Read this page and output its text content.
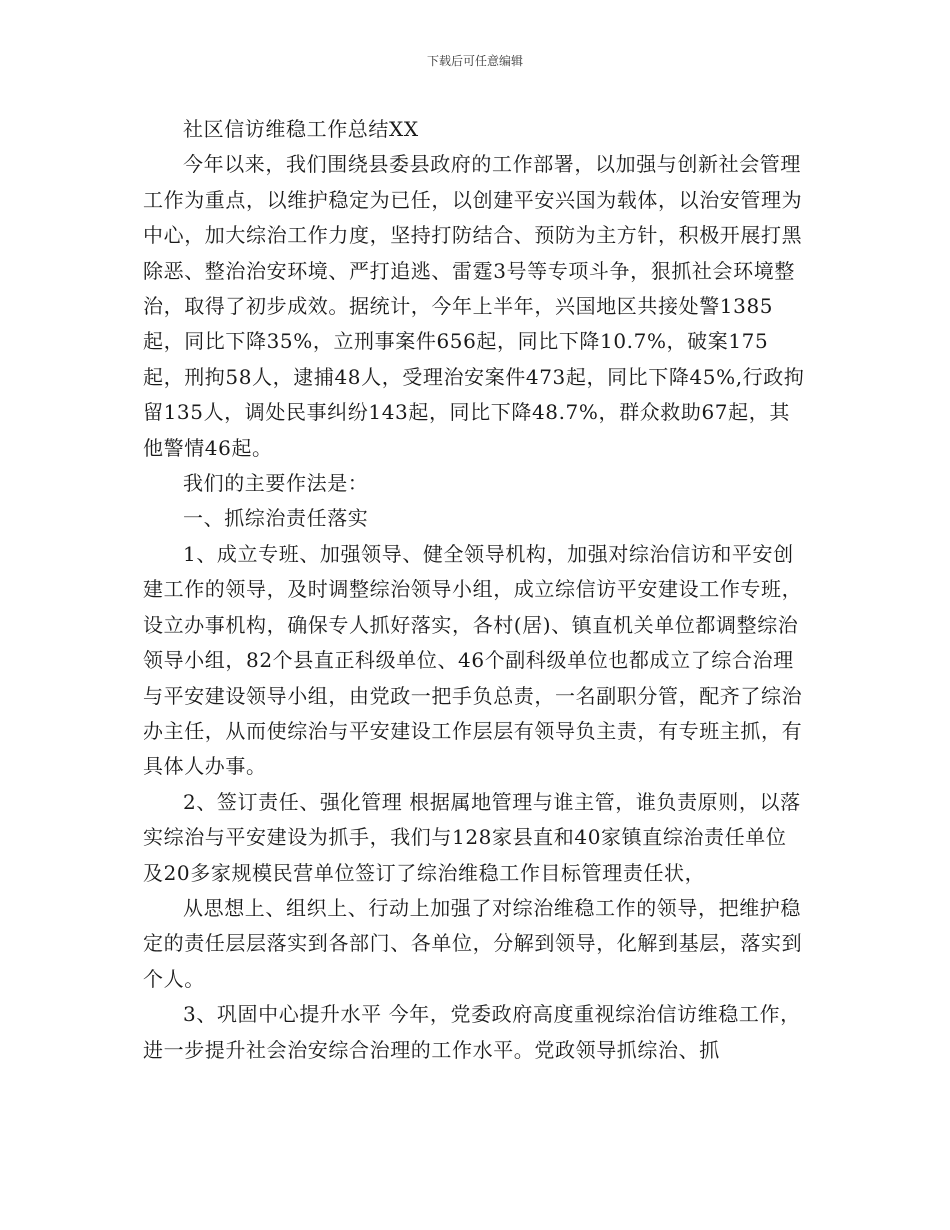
下载后可任意编辑

社区信访维稳工作总结XX

今年以来，我们围绕县委县政府的工作部署，以加强与创新社会管理工作为重点，以维护稳定为已任，以创建平安兴国为载体，以治安管理为中心，加大综治工作力度，坚持打防结合、预防为主方针，积极开展打黑除恶、整治治安环境、严打追逃、雷霆3号等专项斗争，狠抓社会环境整治，取得了初步成效。据统计，今年上半年，兴国地区共接处警1385起，同比下降35%，立刑事案件656起，同比下降10.7%，破案175起，刑拘58人，逮捕48人，受理治安案件473起，同比下降45%,行政拘留135人，调处民事纠纷143起，同比下降48.7%，群众救助67起，其他警情46起。

我们的主要作法是：

一、抓综治责任落实

1、成立专班、加强领导、健全领导机构，加强对综治信访和平安创建工作的领导，及时调整综治领导小组，成立综信访平安建设工作专班，设立办事机构，确保专人抓好落实，各村(居)、镇直机关单位都调整综治领导小组，82个县直正科级单位、46个副科级单位也都成立了综合治理与平安建设领导小组，由党政一把手负总责，一名副职分管，配齐了综治办主任，从而使综治与平安建设工作层层有领导负主责，有专班主抓，有具体人办事。

2、签订责任、强化管理 根据属地管理与谁主管，谁负责原则，以落实综治与平安建设为抓手，我们与128家县直和40家镇直综治责任单位及20多家规模民营单位签订了综治维稳工作目标管理责任状，

从思想上、组织上、行动上加强了对综治维稳工作的领导，把维护稳定的责任层层落实到各部门、各单位，分解到领导，化解到基层，落实到个人。

3、巩固中心提升水平 今年，党委政府高度重视综治信访维稳工作，进一步提升社会治安综合治理的工作水平。党政领导抓综治、抓
